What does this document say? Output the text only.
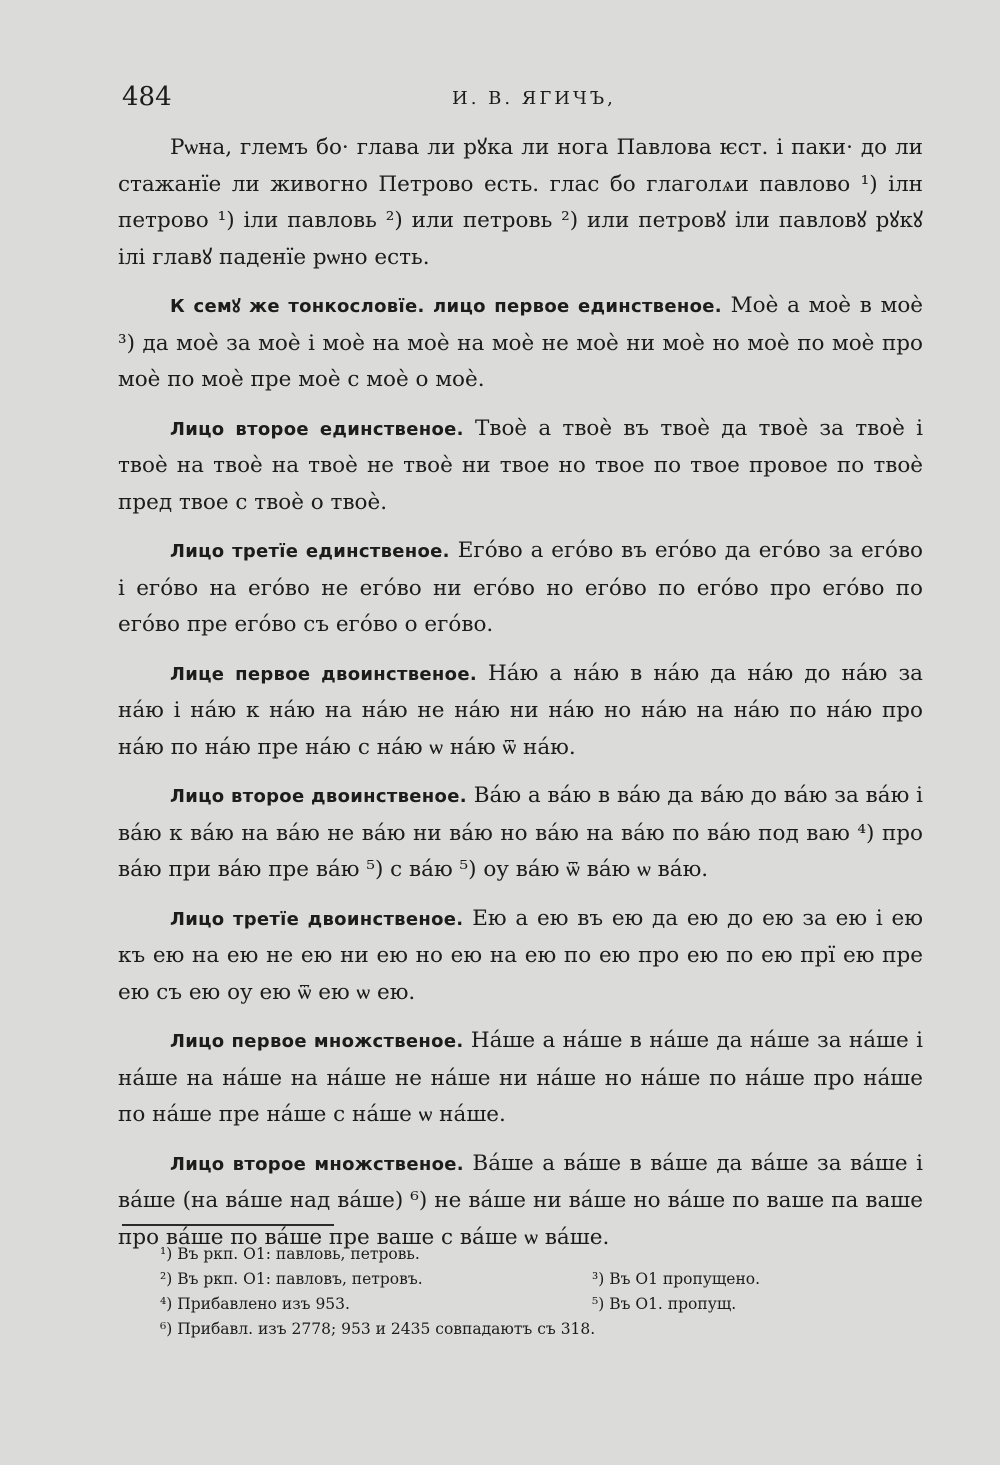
484	И. В. ЯГИЧЪ,

Рѡна, глемъ бо· глава ли рꙋка ли нога Павлова ѥст. і паки· до ли стажанїе ли живогно Петрово есть. глас бо глаголѧи павлово ¹) ілн петрово ¹) іли павловь ²) или петровь ²) или петровꙋ іли павловꙋ рꙋкꙋ ілі главꙋ паденїе рѡно есть.

К семꙋ же тонкословїе. лицо первое единственое. Моѐ а моѐ в моѐ ³) да моѐ за моѐ і моѐ на моѐ на моѐ не моѐ ни моѐ но моѐ по моѐ про моѐ по моѐ пре моѐ с моѐ о моѐ.

Лицо второе единственое. Твоѐ а твоѐ въ твоѐ да твоѐ за твоѐ і твоѐ на твоѐ на твоѐ не твоѐ ни твое но твое по твое провое по твоѐ пред твое с твоѐ о твоѐ.

Лицо третїе единственое. Его́во а его́во въ его́во да его́во за его́во і его́во на его́во не его́во ни его́во но его́во по его́во про его́во по его́во пре его́во съ его́во о его́во.

Лице первое двоинственое. На́ю а на́ю в на́ю да на́ю до на́ю за на́ю і на́ю к на́ю на на́ю не на́ю ни на́ю но на́ю на на́ю по на́ю про на́ю по на́ю пре на́ю с на́ю ѡ на́ю ѿ на́ю.

Лицо второе двоинственое. Ва́ю а ва́ю в ва́ю да ва́ю до ва́ю за ва́ю і ва́ю к ва́ю на ва́ю не ва́ю ни ва́ю но ва́ю на ва́ю по ва́ю под ваю ⁴) про ва́ю при ва́ю пре ва́ю ⁵) с ва́ю ⁵) оу ва́ю ѿ ва́ю ѡ ва́ю.

Лицо третїе двоинственое. Ею а ею въ ею да ею до ею за ею і ею къ ею на ею не ею ни ею но ею на ею по ею про ею по ею прї ею пре ею съ ею оу ею ѿ ею ѡ ею.

Лицо первое множственое. На́ше а на́ше в на́ше да на́ше за на́ше і на́ше на на́ше на на́ше не на́ше ни на́ше но на́ше по на́ше про на́ше по на́ше пре на́ше с на́ше ѡ на́ше.

Лицо второе множственое. Ва́ше а ва́ше в ва́ше да ва́ше за ва́ше і ва́ше (на ва́ше над ва́ше) ⁶) не ва́ше ни ва́ше но ва́ше по ваше па ваше про ва́ше по ва́ше пре ваше с ва́ше ѡ ва́ше.

¹) Въ ркп. О1: павловь, петровь.
²) Въ ркп. О1: павловъ, петровъ.	³) Въ О1 пропущено.
⁴) Прибавлено изъ 953.	⁵) Въ О1. пропущ.
⁶) Прибавл. изъ 2778; 953 и 2435 совпадаютъ съ 318.
